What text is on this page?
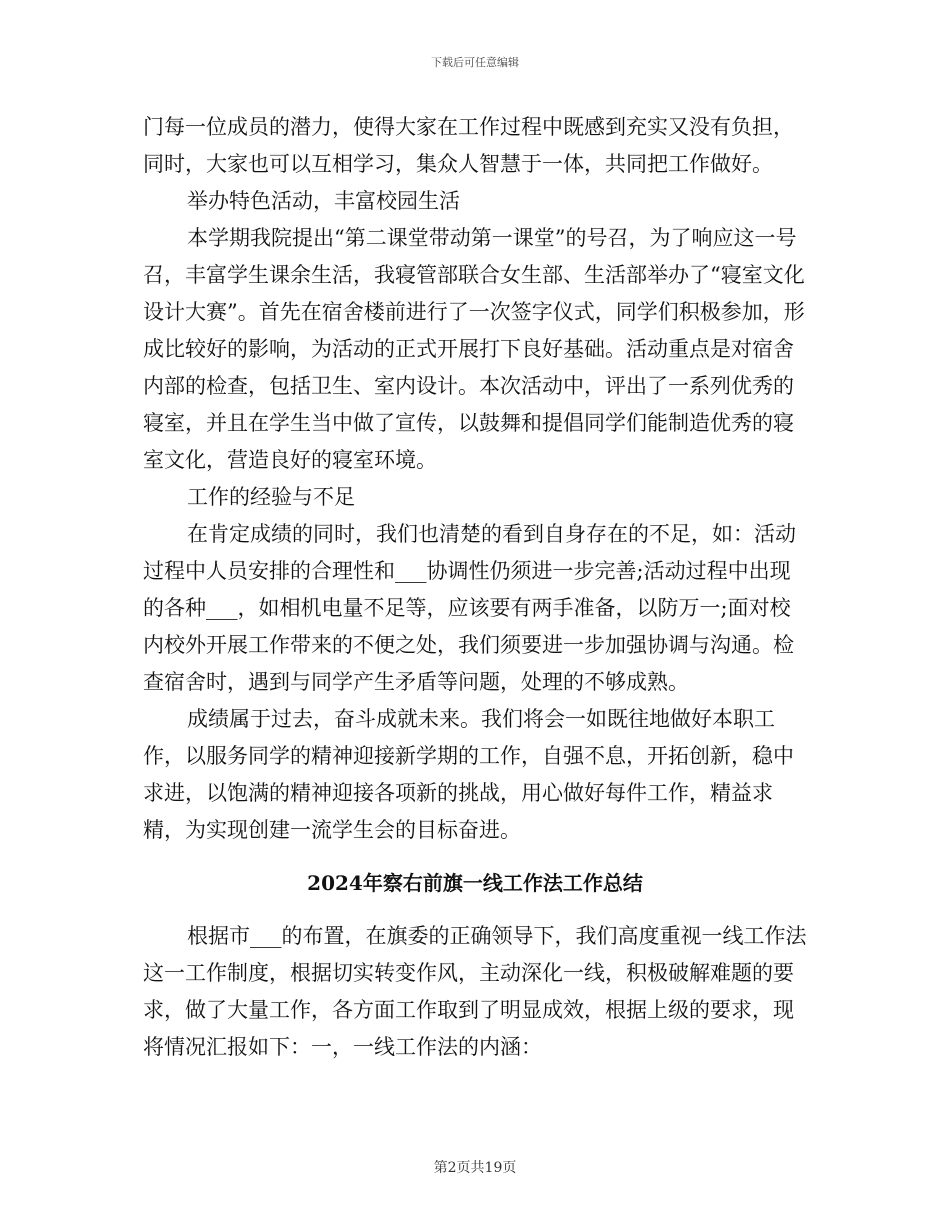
下载后可任意编辑

门每一位成员的潜力，使得大家在工作过程中既感到充实又没有负担，同时，大家也可以互相学习，集众人智慧于一体，共同把工作做好。

举办特色活动，丰富校园生活

本学期我院提出“第二课堂带动第一课堂”的号召，为了响应这一号召，丰富学生课余生活，我寝管部联合女生部、生活部举办了“寝室文化设计大赛”。首先在宿舍楼前进行了一次签字仪式，同学们积极参加，形成比较好的影响，为活动的正式开展打下良好基础。活动重点是对宿舍内部的检查，包括卫生、室内设计。本次活动中，评出了一系列优秀的寝室，并且在学生当中做了宣传，以鼓舞和提倡同学们能制造优秀的寝室文化，营造良好的寝室环境。

工作的经验与不足

在肯定成绩的同时，我们也清楚的看到自身存在的不足，如：活动过程中人员安排的合理性和___协调性仍须进一步完善;活动过程中出现的各种___，如相机电量不足等，应该要有两手准备，以防万一;面对校内校外开展工作带来的不便之处，我们须要进一步加强协调与沟通。检查宿舍时，遇到与同学产生矛盾等问题，处理的不够成熟。

成绩属于过去，奋斗成就未来。我们将会一如既往地做好本职工作，以服务同学的精神迎接新学期的工作，自强不息，开拓创新，稳中求进，以饱满的精神迎接各项新的挑战，用心做好每件工作，精益求精，为实现创建一流学生会的目标奋进。

2024年察右前旗一线工作法工作总结

根据市___的布置，在旗委的正确领导下，我们高度重视一线工作法这一工作制度，根据切实转变作风，主动深化一线，积极破解难题的要求，做了大量工作，各方面工作取到了明显成效，根据上级的要求，现将情况汇报如下：一，一线工作法的内涵：

第2页共19页
